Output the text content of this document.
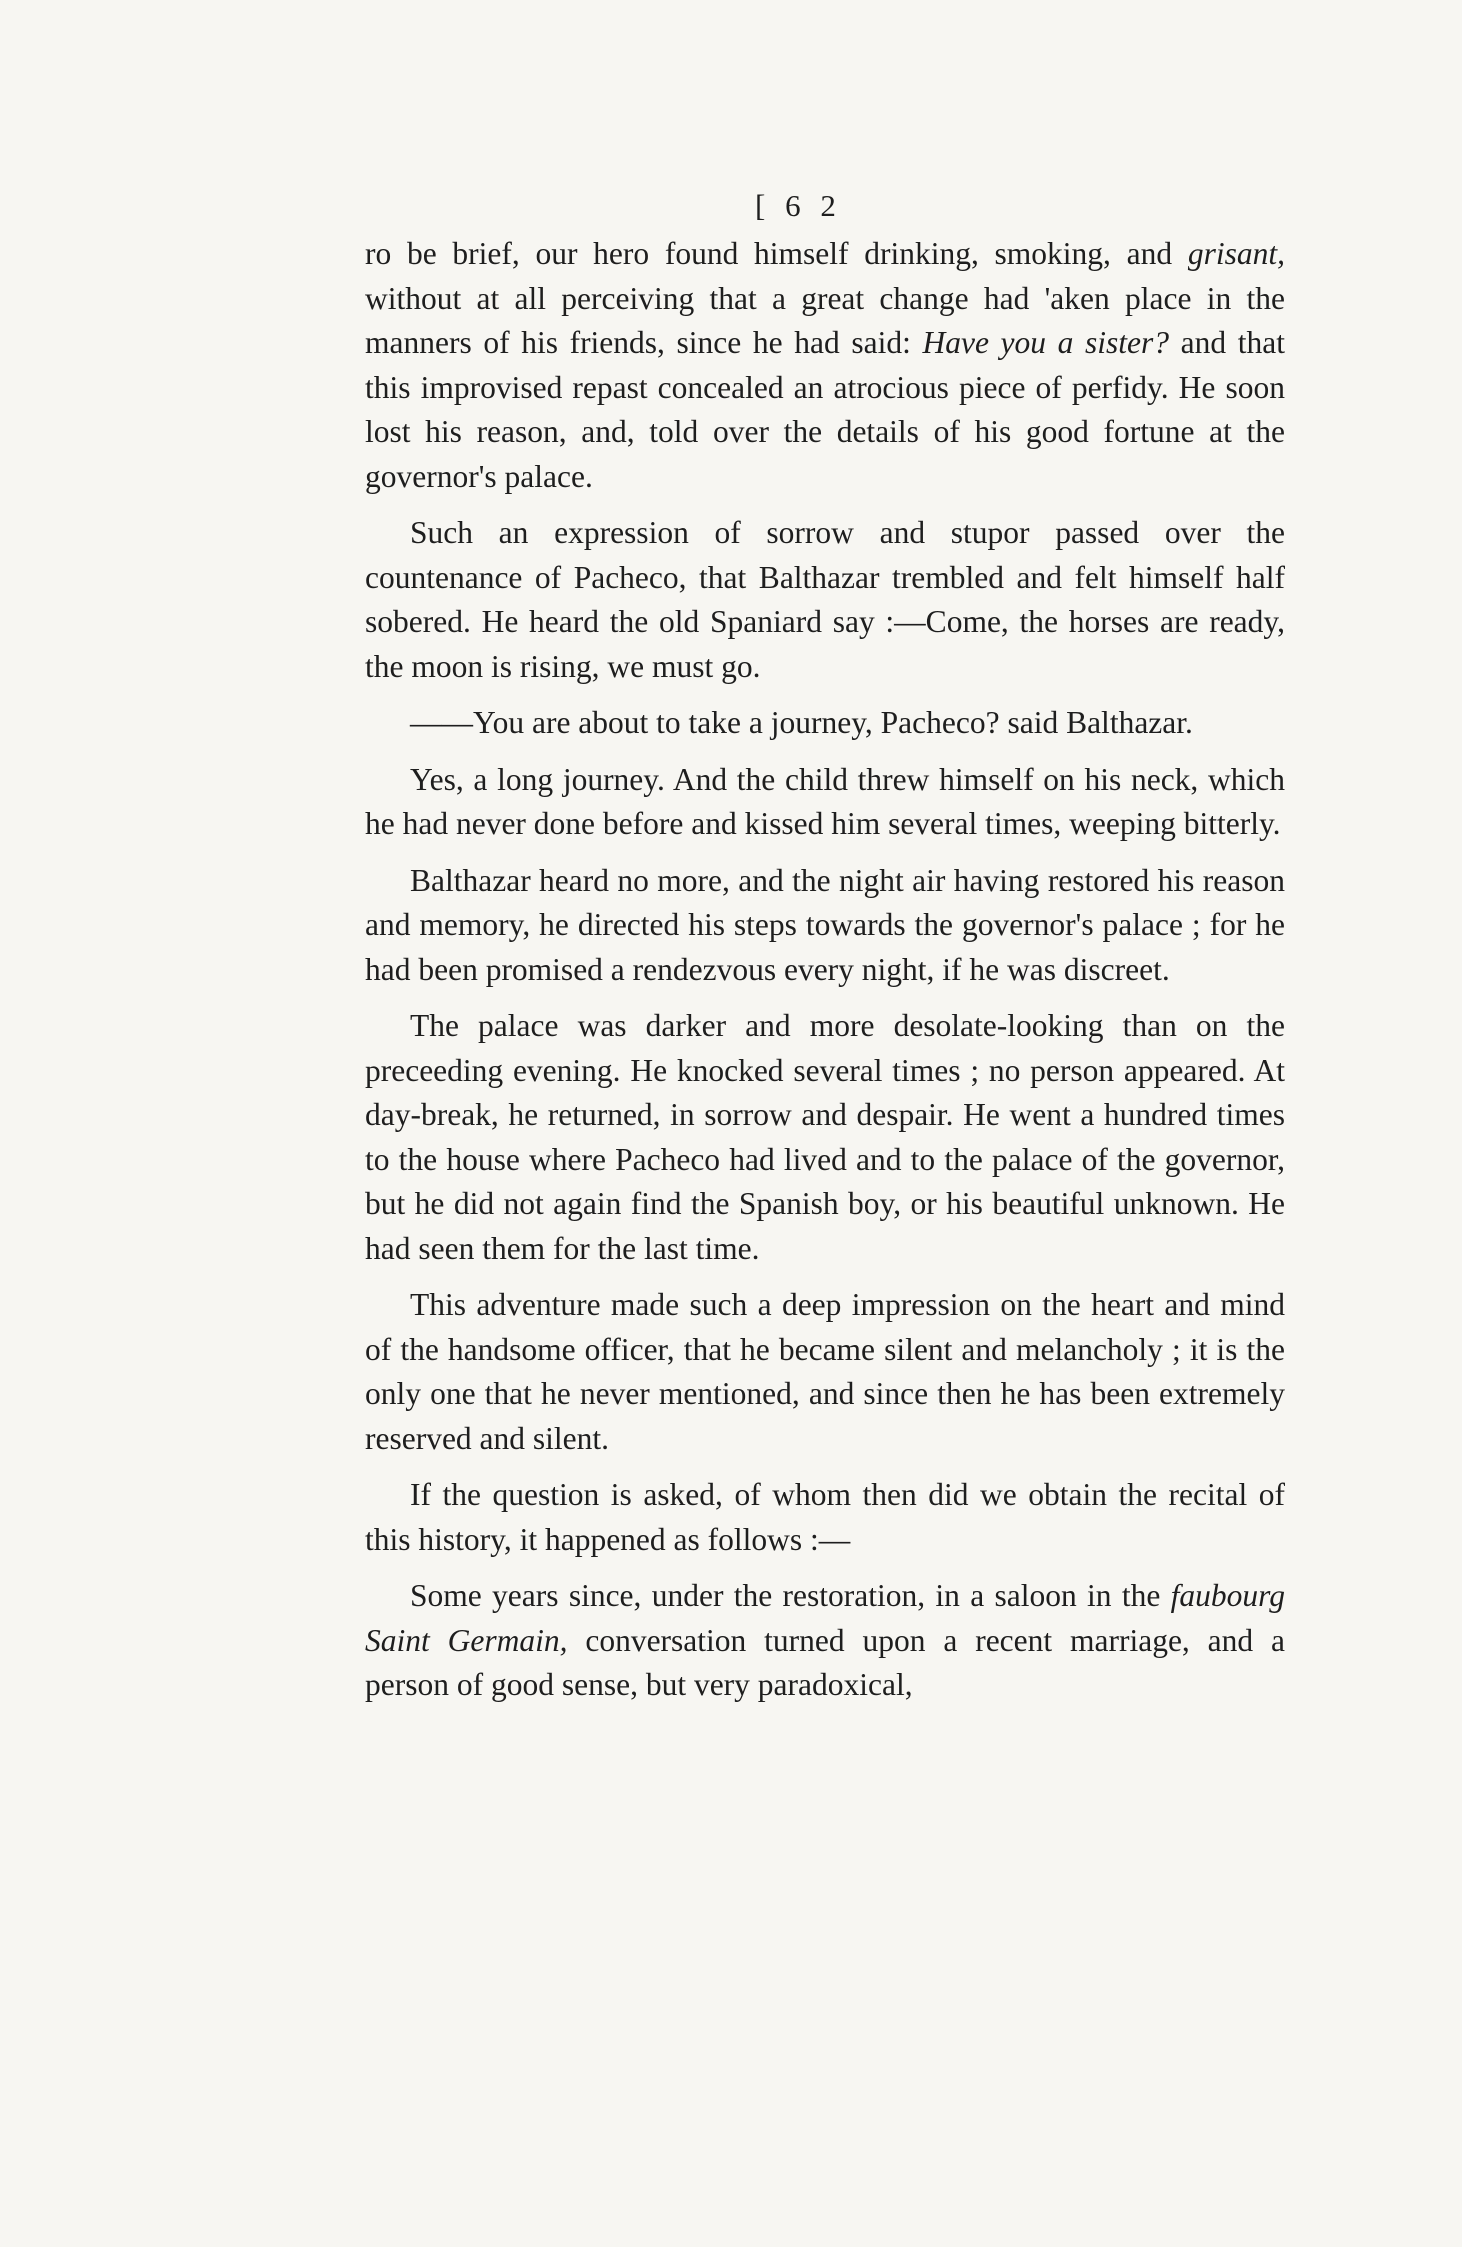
[ 6 2

ro be brief, our hero found himself drinking, smoking, and grisant, without at all perceiving that a great change had 'aken place in the manners of his friends, since he had said: Have you a sister? and that this improvised repast concealed an atrocious piece of perfidy. He soon lost his reason, and, told over the details of his good fortune at the governor's palace.

Such an expression of sorrow and stupor passed over the countenance of Pacheco, that Balthazar trembled and felt himself half sobered. He heard the old Spaniard say :—Come, the horses are ready, the moon is rising, we must go.

——You are about to take a journey, Pacheco? said Balthazar.

Yes, a long journey. And the child threw himself on his neck, which he had never done before and kissed him several times, weeping bitterly.

Balthazar heard no more, and the night air having restored his reason and memory, he directed his steps towards the governor's palace ; for he had been promised a rendezvous every night, if he was discreet.

The palace was darker and more desolate-looking than on the preceeding evening. He knocked several times ; no person appeared. At day-break, he returned, in sorrow and despair. He went a hundred times to the house where Pacheco had lived and to the palace of the governor, but he did not again find the Spanish boy, or his beautiful unknown. He had seen them for the last time.

This adventure made such a deep impression on the heart and mind of the handsome officer, that he became silent and melancholy ; it is the only one that he never mentioned, and since then he has been extremely reserved and silent.

If the question is asked, of whom then did we obtain the recital of this history, it happened as follows :—

Some years since, under the restoration, in a saloon in the faubourg Saint Germain, conversation turned upon a recent marriage, and a person of good sense, but very paradoxical,
